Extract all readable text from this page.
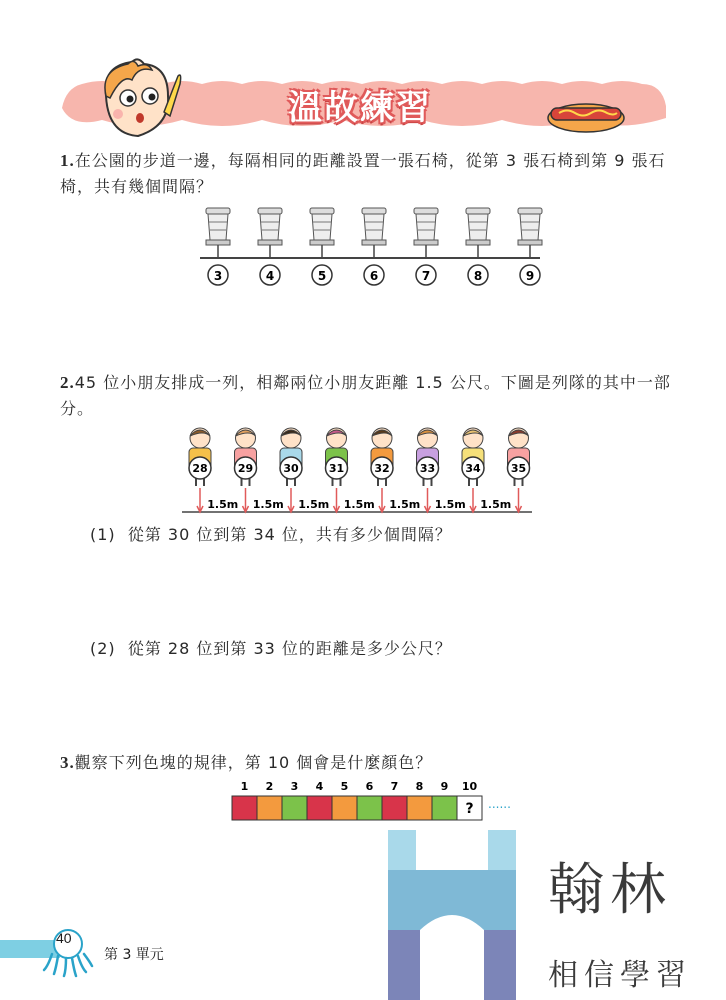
溫故練習
1.在公園的步道一邊，每隔相同的距離設置一張石椅，從第 3 張石椅到第 9 張石椅，共有幾個間隔？
3	4	5	6	7	8	9
2.45 位小朋友排成一列，相鄰兩位小朋友距離 1.5 公尺。下圖是列隊的其中一部分。
28
1.5m
29
1.5m
30
1.5m
31
1.5m
32
1.5m
33
1.5m
34
1.5m
35
(1) 從第 30 位到第 34 位，共有多少個間隔？
(2) 從第 28 位到第 33 位的距離是多少公尺？
3.觀察下列色塊的規律，第 10 個會是什麼顏色？
1 2 3 4 5 6 7 8 9 10
? ......
翰林
相信學習
40
第 3 單元
